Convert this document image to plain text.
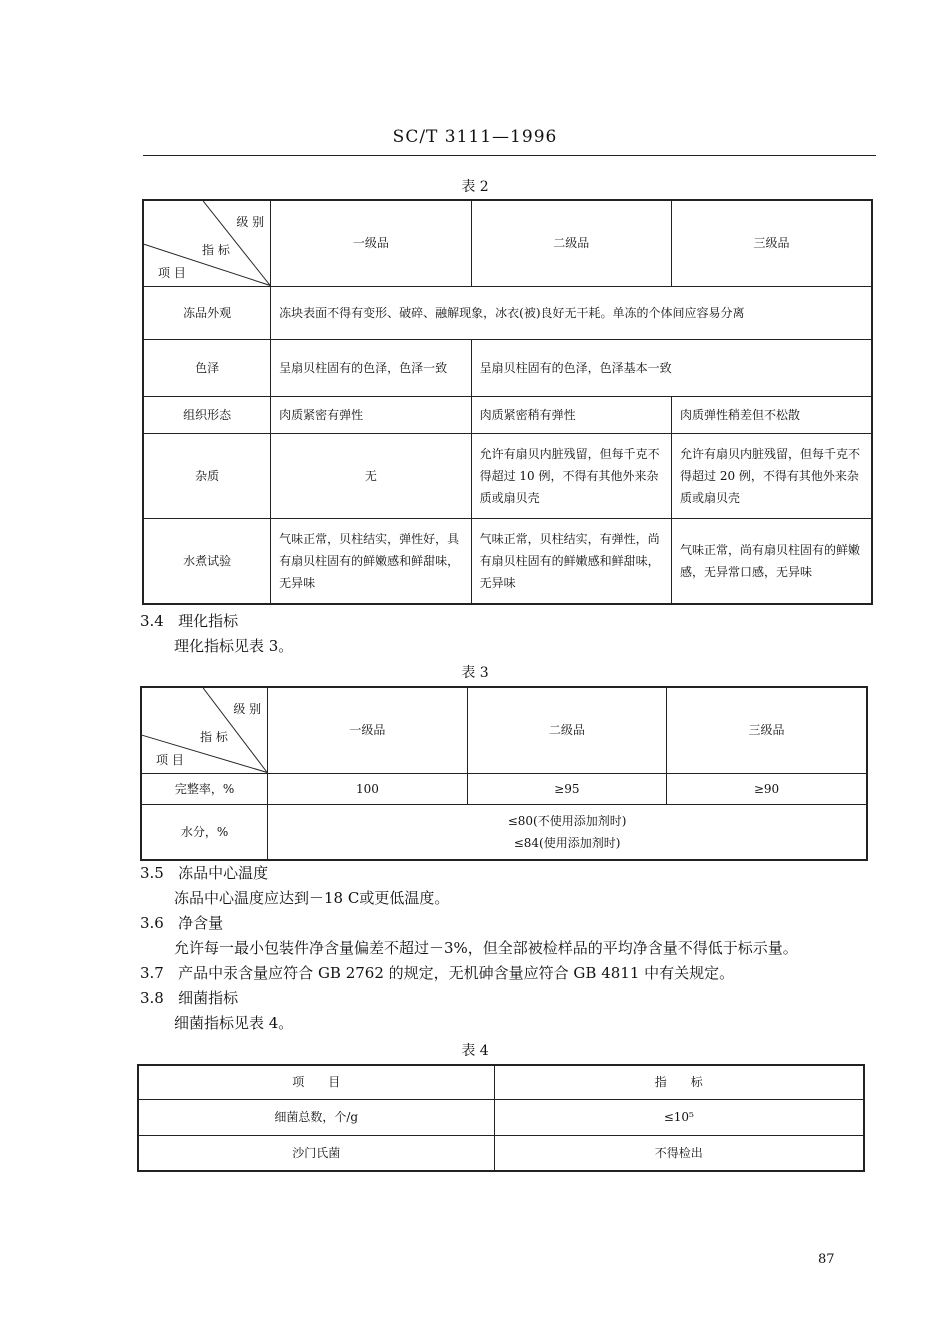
SC/T 3111—1996
表 2
级 别
指 标
项 目	一级品	二级品	三级品
冻品外观	冻块表面不得有变形、破碎、融解现象，冰衣(被)良好无干耗。单冻的个体间应容易分离		
色泽	呈扇贝柱固有的色泽，色泽一致	呈扇贝柱固有的色泽，色泽基本一致	
组织形态	肉质紧密有弹性	肉质紧密稍有弹性	肉质弹性稍差但不松散
杂质	无	允许有扇贝内脏残留，但每千克不得超过 10 例，不得有其他外来杂质或扇贝壳	允许有扇贝内脏残留，但每千克不得超过 20 例，不得有其他外来杂质或扇贝壳
水煮试验	气味正常，贝柱结实，弹性好，具有扇贝柱固有的鲜嫩感和鲜甜味，无异味	气味正常，贝柱结实，有弹性，尚有扇贝柱固有的鲜嫩感和鲜甜味，无异味	气味正常，尚有扇贝柱固有的鲜嫩感，无异常口感，无异味
3.4 理化指标
理化指标见表 3。
表 3
级 别
指 标
项 目	一级品	二级品	三级品
完整率，%	100	≥95	≥90
水分，%	≤80(不使用添加剂时)
≤84(使用添加剂时)		
3.5 冻品中心温度
冻品中心温度应达到－18 C或更低温度。
3.6 净含量
允许每一最小包装件净含量偏差不超过－3%，但全部被检样品的平均净含量不得低于标示量。
3.7 产品中汞含量应符合 GB 2762 的规定，无机砷含量应符合 GB 4811 中有关规定。
3.8 细菌指标
细菌指标见表 4。
表 4
项　　目	指　　标
细菌总数，个/g	≤10⁵
沙门氏菌	不得检出
87
